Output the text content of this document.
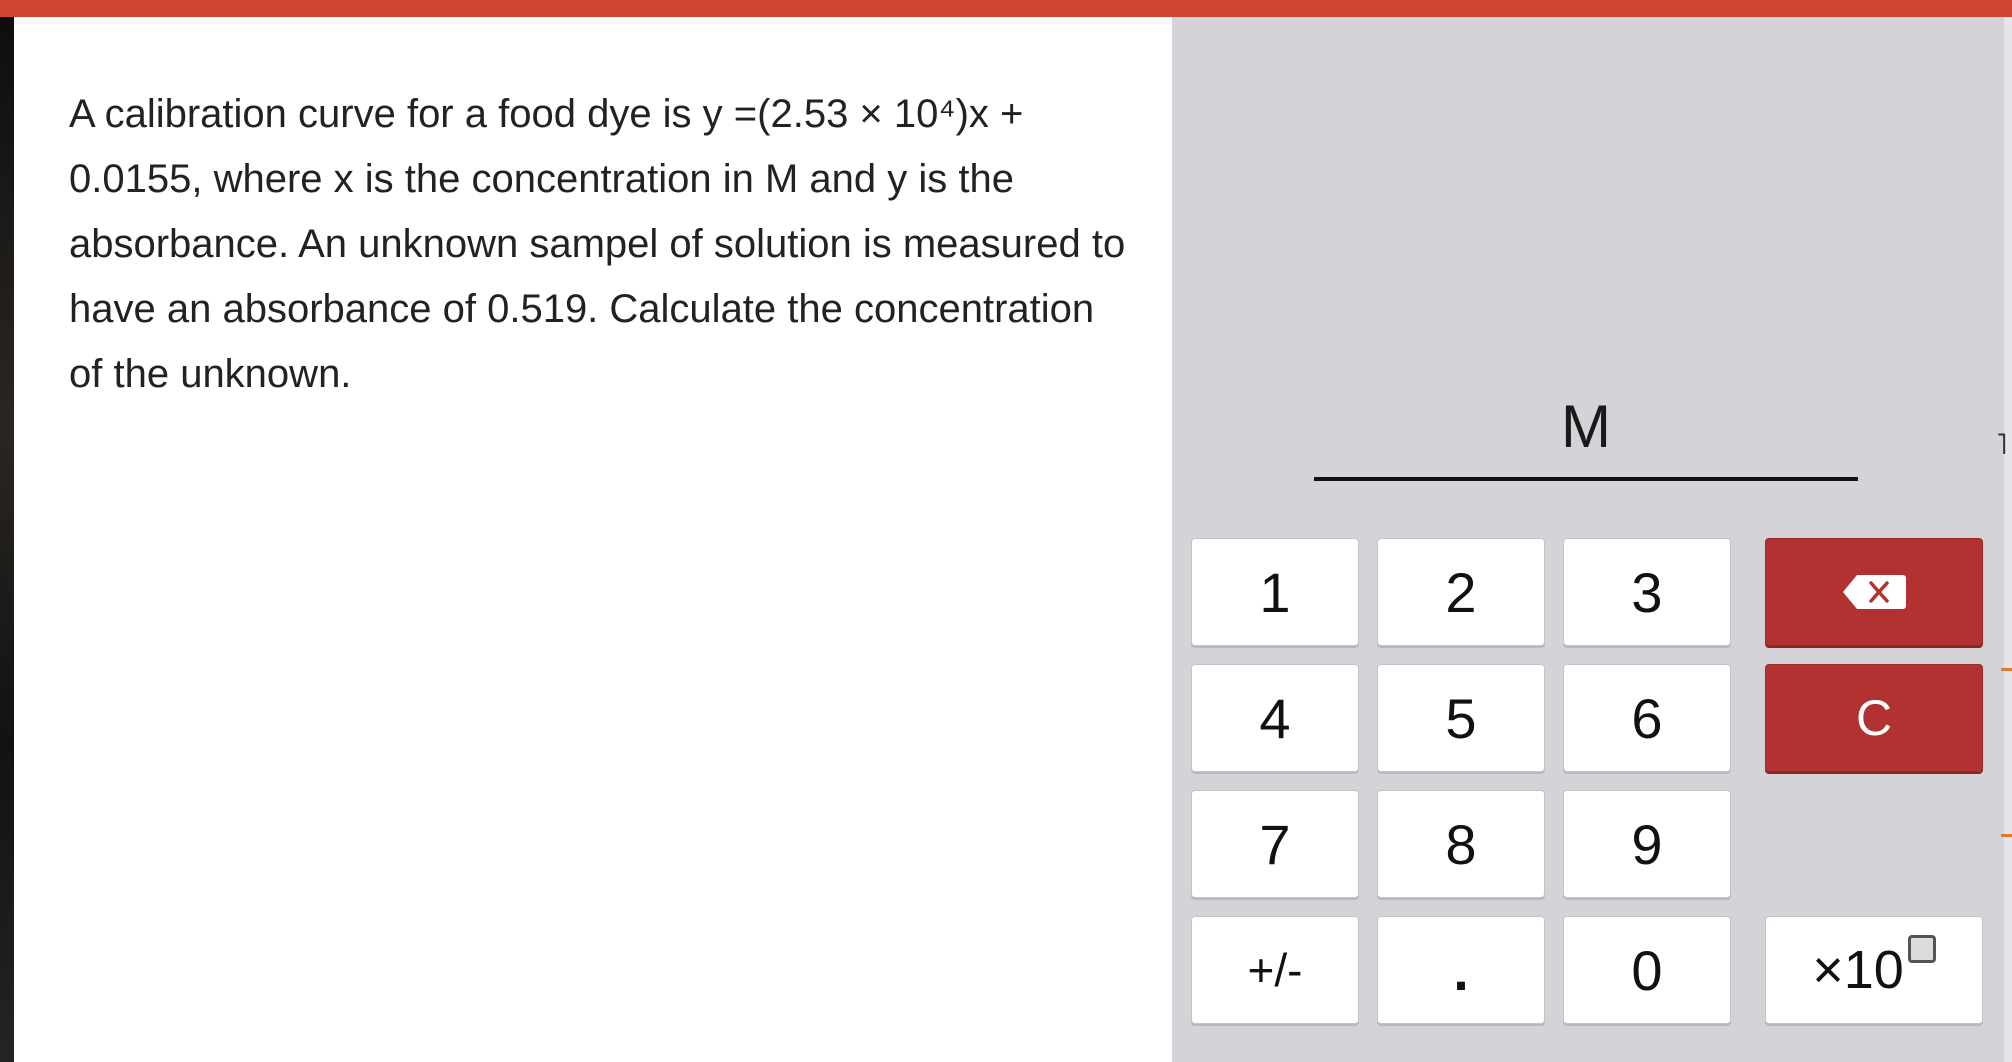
A calibration curve for a food dye is y =(2.53 × 10⁴)x + 0.0155, where x is the concentration in M and y is the absorbance. An unknown sampel of solution is measured to have an absorbance of 0.519. Calculate the concentration of the unknown.

˥
M
1	2	3
4	5	6	C
7	8	9
+/-	.	0	×10
